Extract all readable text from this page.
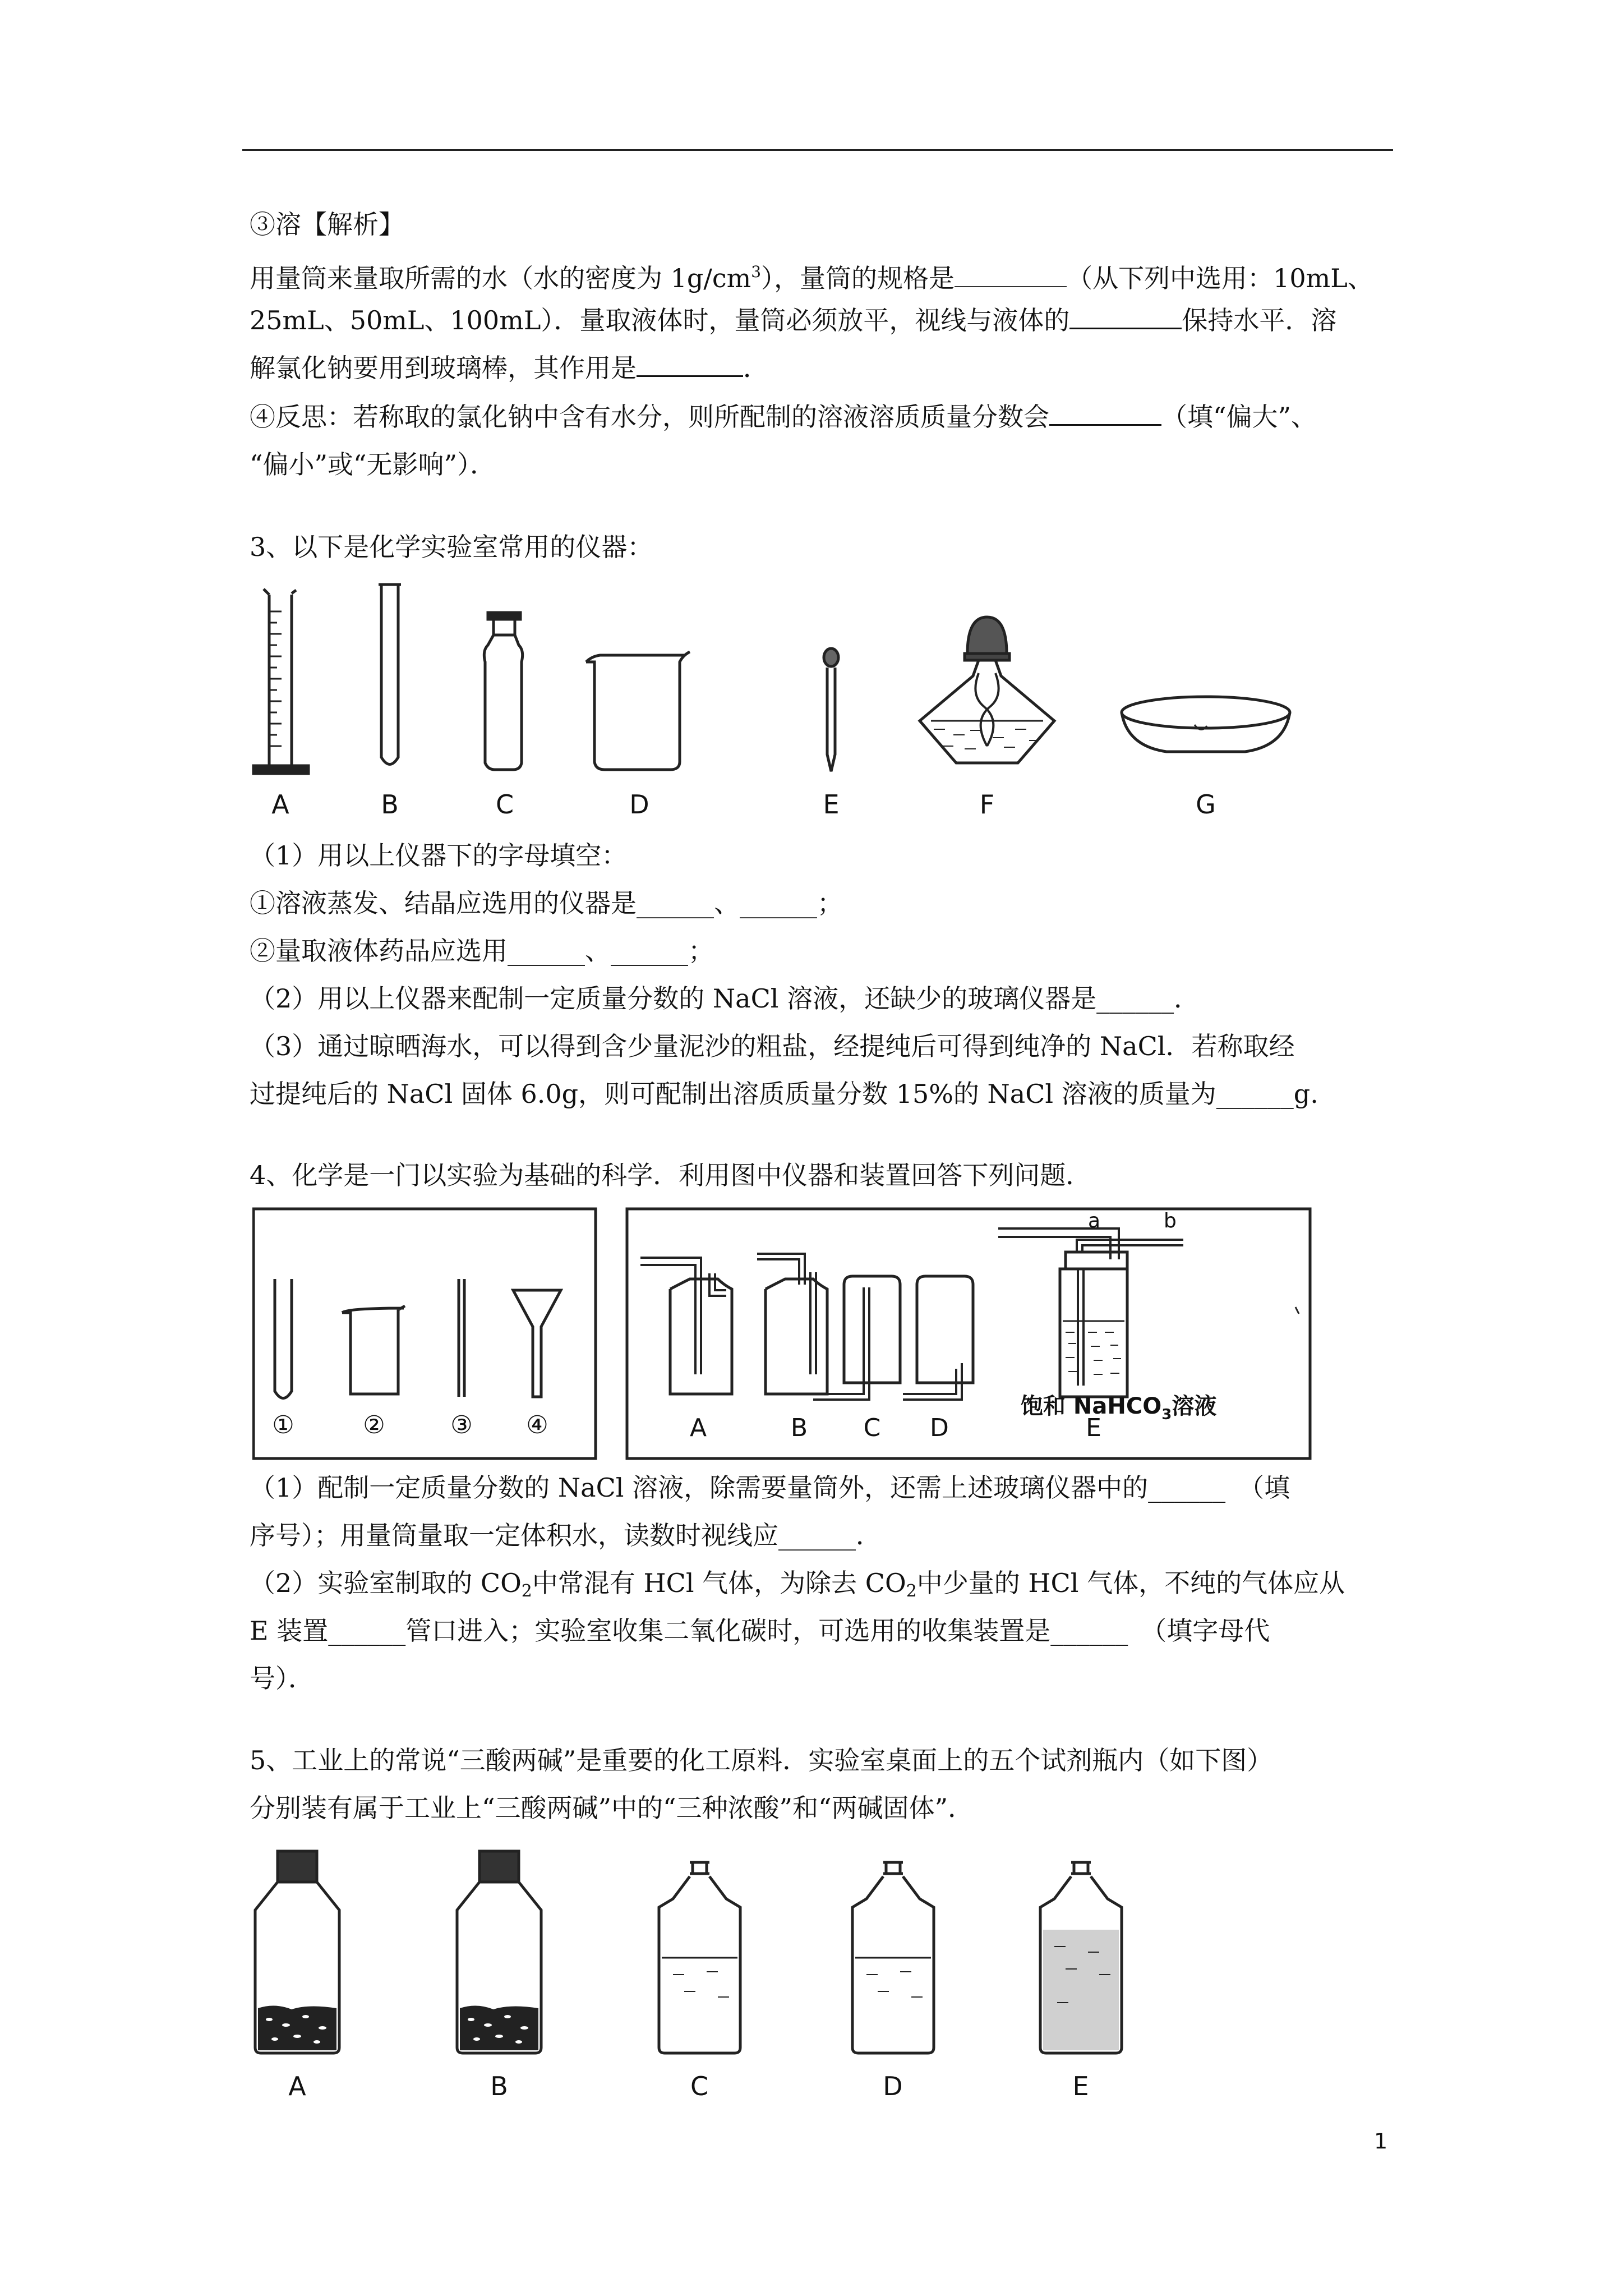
③溶【解析】
用量筒来量取所需的水（水的密度为 $1g/cm^3$），量筒的规格是	（从下列中选用：10mL、
25mL、50mL、100mL）．量取液体时，量筒必须放平，视线与液体的	保持水平．溶
解氯化钠要用到玻璃棒，其作用是	．
④反思：若称取的氯化钠中含有水分，则所配制的溶液溶质质量分数会	（填“偏大”、
“偏小”或“无影响”）．
3、以下是化学实验室常用的仪器：
A	B	C	D	E	F	G
（1）用以上仪器下的字母填空：
①溶液蒸发、结晶应选用的仪器是______、______；
②量取液体药品应选用______、______；
（2）用以上仪器来配制一定质量分数的 NaCl 溶液，还缺少的玻璃仪器是______．
（3）通过晾晒海水，可以得到含少量泥沙的粗盐，经提纯后可得到纯净的 NaCl．若称取经
过提纯后的 NaCl 固体 6.0g，则可配制出溶质质量分数 15%的 NaCl 溶液的质量为______g.
4、化学是一门以实验为基础的科学．利用图中仪器和装置回答下列问题．
①	②	③ ④	A	B C D	E
a	b
饱和 NaHCO$_3$溶液
（1）配制一定质量分数的 NaCl 溶液，除需要量筒外，还需上述玻璃仪器中的______　（填
序号）；用量筒量取一定体积水，读数时视线应______．
（2）实验室制取的 $CO_2$中常混有 HCl 气体，为除去 $CO_2$中少量的 HCl 气体，不纯的气体应从
E 装置______管口进入；实验室收集二氧化碳时，可选用的收集装置是______　（填字母代
号）．
5、工业上的常说“三酸两碱”是重要的化工原料．实验室桌面上的五个试剂瓶内（如下图）
分别装有属于工业上“三酸两碱”中的“三种浓酸”和“两碱固体”．
A	B	C	D	E
1
